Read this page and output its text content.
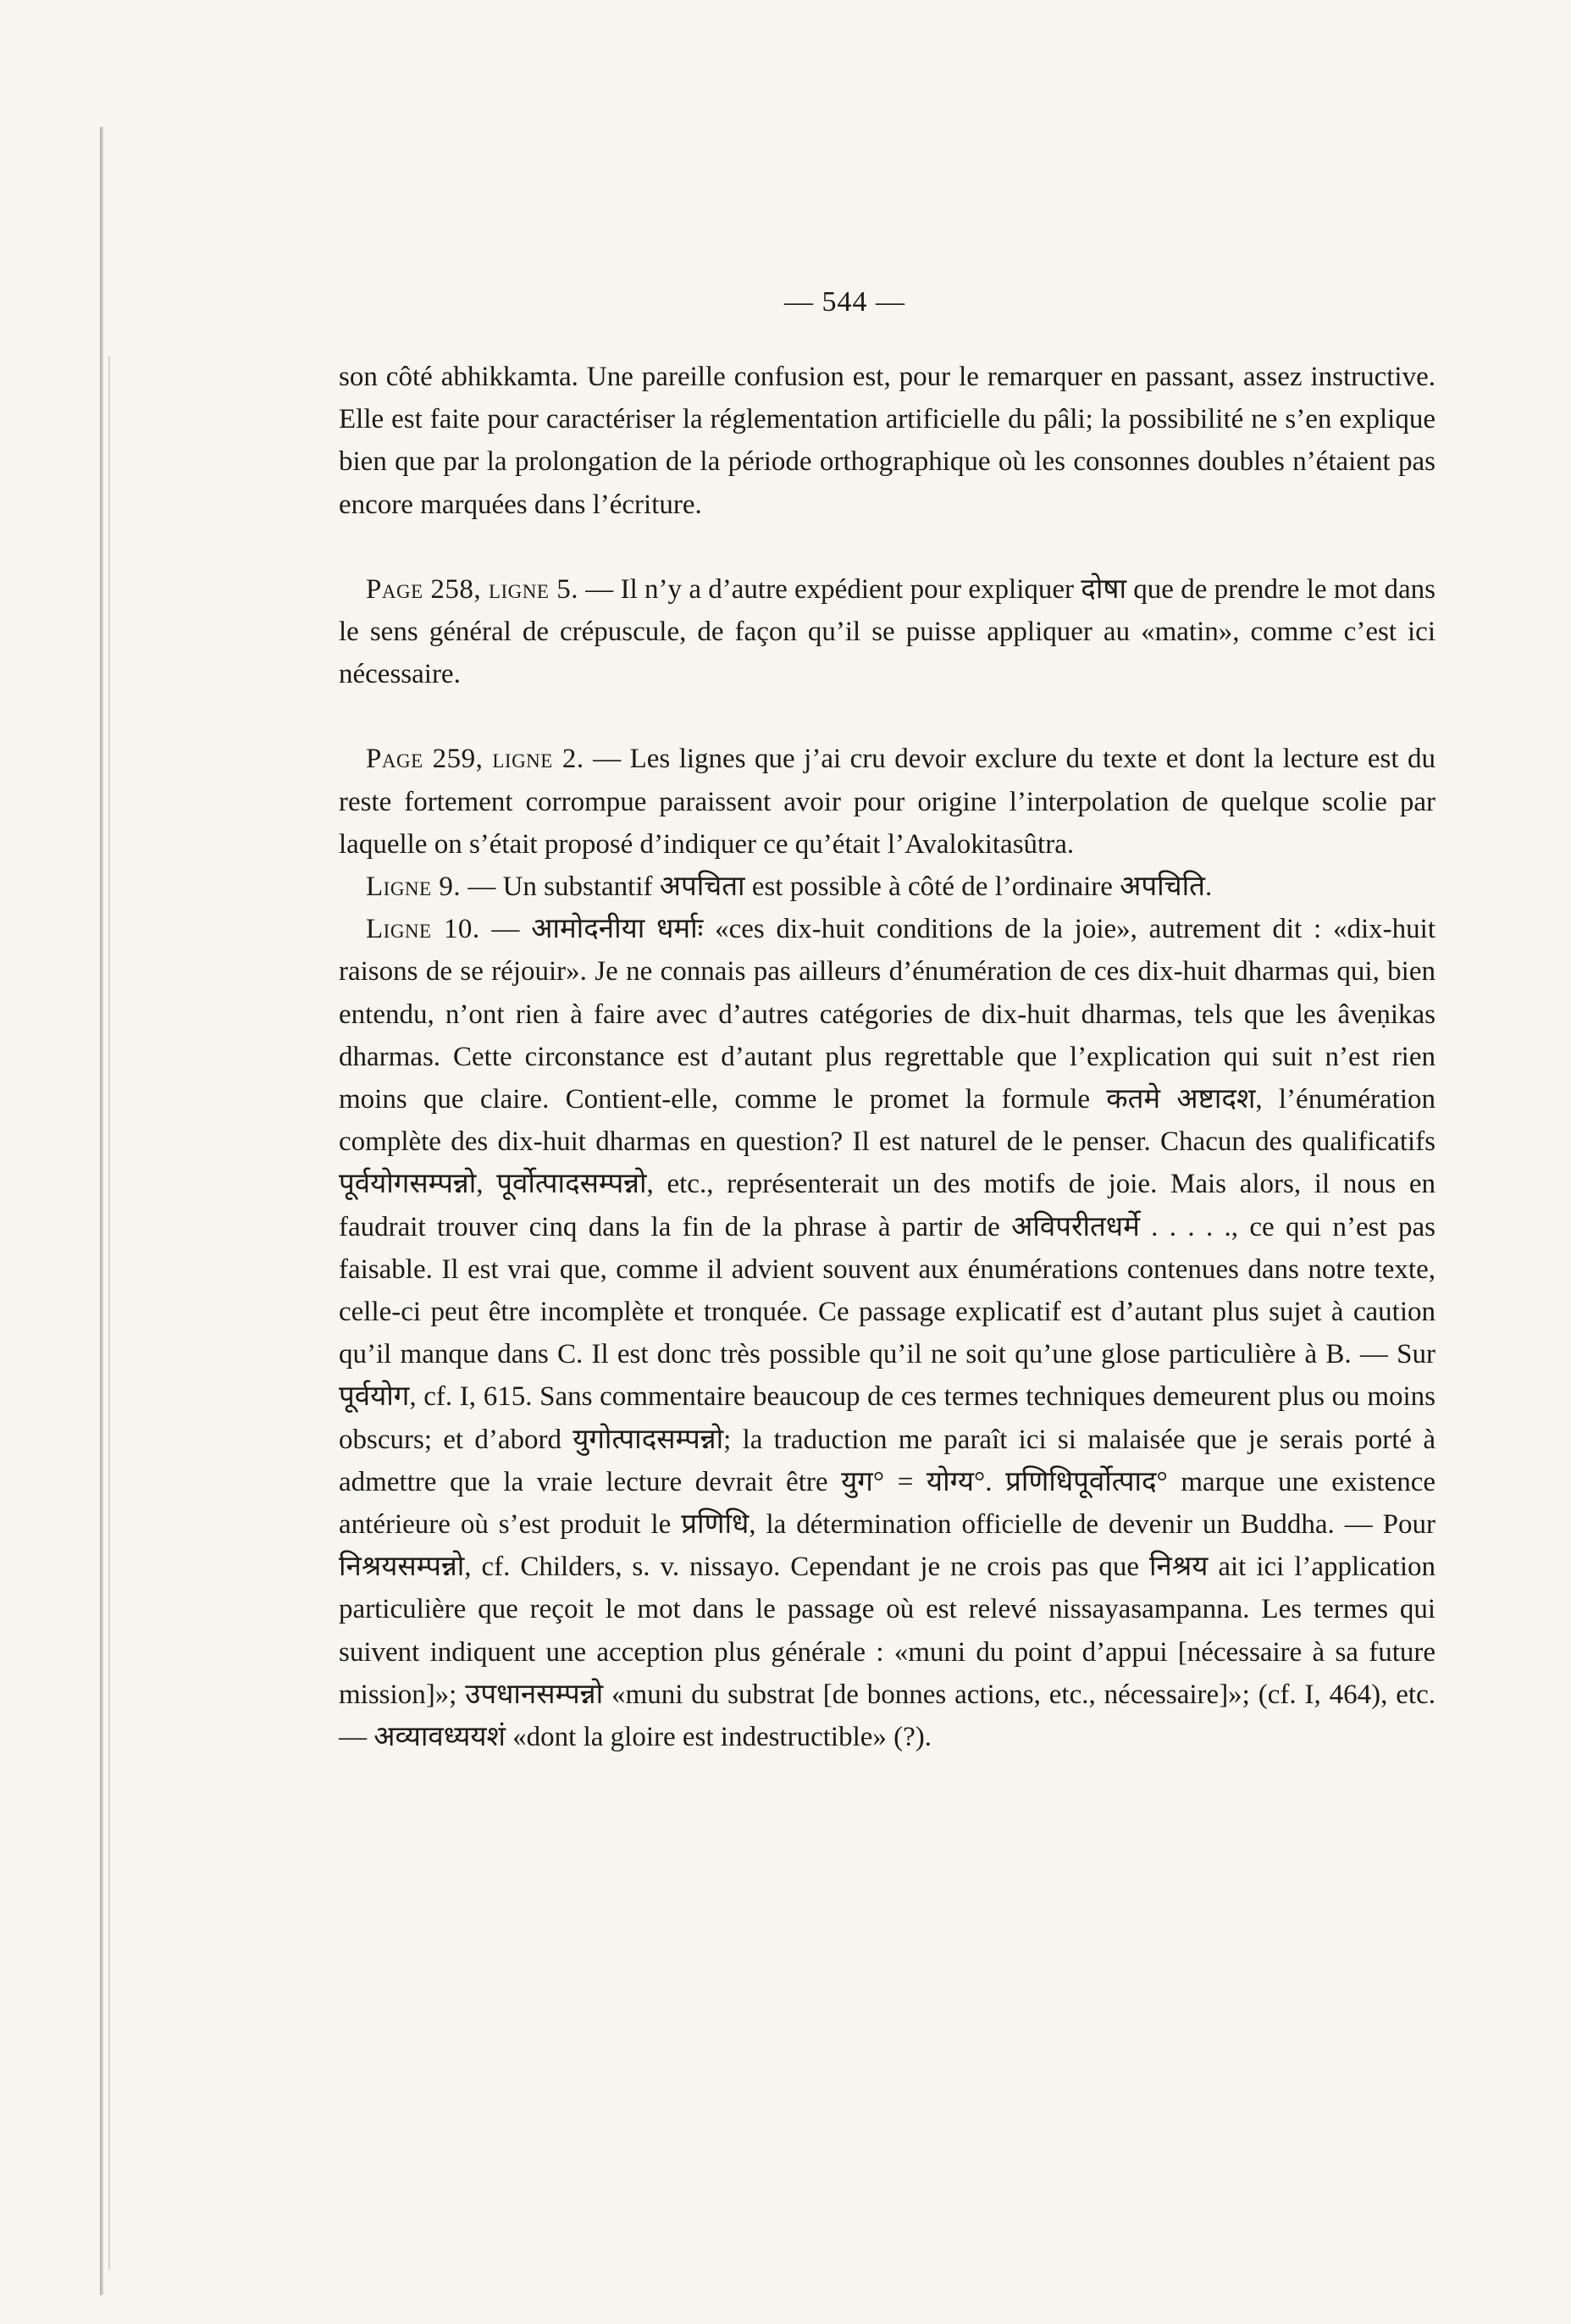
— 544 —

son côté abhikkamta. Une pareille confusion est, pour le remarquer en passant, assez instructive. Elle est faite pour caractériser la réglementation artificielle du pâli; la possibilité ne s’en explique bien que par la prolongation de la période orthographique où les consonnes doubles n’étaient pas encore marquées dans l’écriture.

Page 258, ligne 5. — Il n’y a d’autre expédient pour expliquer दोषा que de prendre le mot dans le sens général de crépuscule, de façon qu’il se puisse appliquer au «matin», comme c’est ici nécessaire.

Page 259, ligne 2. — Les lignes que j’ai cru devoir exclure du texte et dont la lecture est du reste fortement corrompue paraissent avoir pour origine l’interpolation de quelque scolie par laquelle on s’était proposé d’indiquer ce qu’était l’Avalokitasûtra.

Ligne 9. — Un substantif अपचिता est possible à côté de l’ordinaire अपचिति.

Ligne 10. — आमोदनीया धर्माः «ces dix-huit conditions de la joie», autrement dit : «dix-huit raisons de se réjouir». Je ne connais pas ailleurs d’énumération de ces dix-huit dharmas qui, bien entendu, n’ont rien à faire avec d’autres catégories de dix-huit dharmas, tels que les âveṇikas dharmas. Cette circonstance est d’autant plus regrettable que l’explication qui suit n’est rien moins que claire. Contient-elle, comme le promet la formule कतमे अष्टादश, l’énumération complète des dix-huit dharmas en question? Il est naturel de le penser. Chacun des qualificatifs पूर्वयोगसम्पन्नो, पूर्वोत्पादसम्पन्नो, etc., représenterait un des motifs de joie. Mais alors, il nous en faudrait trouver cinq dans la fin de la phrase à partir de अविपरीतधर्मे . . . . ., ce qui n’est pas faisable. Il est vrai que, comme il advient souvent aux énumérations contenues dans notre texte, celle-ci peut être incomplète et tronquée. Ce passage explicatif est d’autant plus sujet à caution qu’il manque dans C. Il est donc très possible qu’il ne soit qu’une glose particulière à B. — Sur पूर्वयोग, cf. I, 615. Sans commentaire beaucoup de ces termes techniques demeurent plus ou moins obscurs; et d’abord युगोत्पादसम्पन्नो; la traduction me paraît ici si malaisée que je serais porté à admettre que la vraie lecture devrait être युग° = योग्य°. प्रणिधिपूर्वोत्पाद° marque une existence antérieure où s’est produit le प्रणिधि, la détermination officielle de devenir un Buddha. — Pour निश्रयसम्पन्नो, cf. Childers, s. v. nissayo. Cependant je ne crois pas que निश्रय ait ici l’application particulière que reçoit le mot dans le passage où est relevé nissayasampanna. Les termes qui suivent indiquent une acception plus générale : «muni du point d’appui [nécessaire à sa future mission]»; उपधानसम्पन्नो «muni du substrat [de bonnes actions, etc., nécessaire]»; (cf. I, 464), etc. — अव्यावध्ययशं «dont la gloire est indestructible» (?).
